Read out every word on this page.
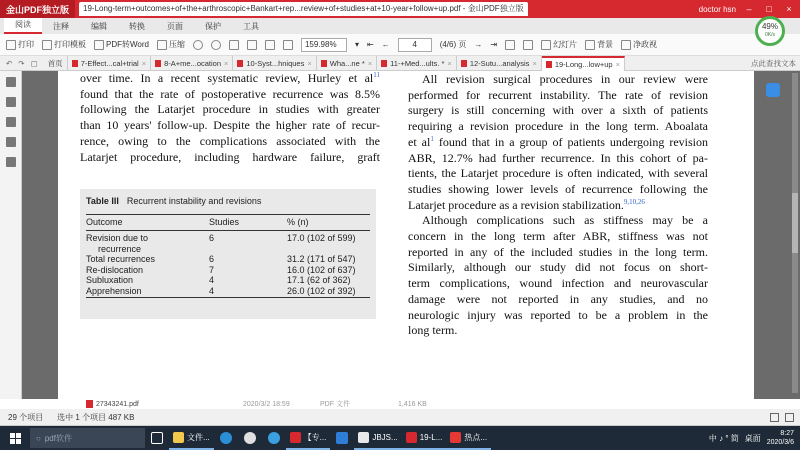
金山PDF独立版	19-Long-term+outcomes+of+the+arthroscopic+Bankart+rep...review+of+studies+at+10-year+follow+up.pdf - 金山PDF独立版	doctor hsn	–	□	×
阅读	注释	编辑	转换	页面	保护	工具
打印	打印模板	PDF转Word	压缩	159.98%	▾ ⇤ ←	4	(4/6) 页 → ⇥	幻灯片	背景	净政视
49%
0K/s
↶ ↷ ▢ 首页 7-Effect...cal+trial × 8-A+me...ocation × 10-Syst...hniques × Wha...ne * × 11-+Med...ults. * × 12-Sutu...analysis × 19-Long...low+up ×	点此查找文本
over time. In a recent systematic review, Hurley et $al^{11}$
found that the rate of postoperative recurrence was 8.5%
following the Latarjet procedure in studies with greater
than 10 years' follow-up. Despite the higher rate of recur-
rence, owing to the complications associated with the
Latarjet procedure, including hardware failure, graft
Table III Recurrent instability and revisions
Outcome	Studies	% (n)
Revision due to	6	17.0 (102 of 599)
recurrence
Total recurrences	6	31.2 (171 of 547)
Re-dislocation	7	16.0 (102 of 637)
Subluxation	4	17.1 (62 of 362)
Apprehension	4	26.0 (102 of 392)
All revision surgical procedures in our review were
performed for recurrent instability. The rate of revision
surgery is still concerning with over a sixth of patients
requiring a revision procedure in the long term. Aboalata
et $al^1$ found that in a group of patients undergoing revision
ABR, 12.7% had further recurrence. In this cohort of pa-
tients, the Latarjet procedure is often indicated, with several
studies showing lower levels of recurrence following the
Latarjet procedure as a revision stabilization.$^{9,10,26}$
Although complications such as stiffness may be a
concern in the long term after ABR, stiffness was not
reported in any of the included studies in the long term.
Similarly, although our study did not focus on short-
term complications, wound infection and neurovascular
damage were not reported in any studies, and no
neurologic injury was reported to be a problem in the
long term.
27343241.pdf	2020/3/2 18:59	PDF 文件	1,416 KB
29 个项目 选中 1 个项目 487 KB
○ pdf软件	文件...	【专...	JBJS...	19-L...	热点...	中 ♪ ° 简 桌面	8:27
2020/3/6
